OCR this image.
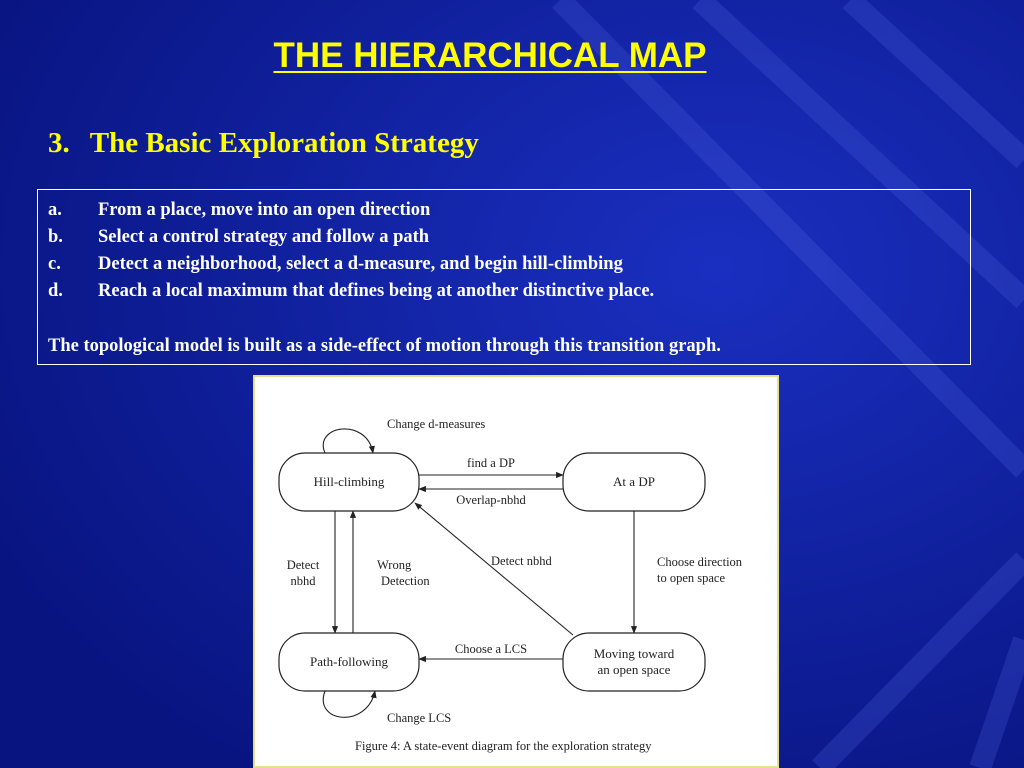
THE HIERARCHICAL MAP
3. The Basic Exploration Strategy
a.	From a place, move into an open direction
b.	Select a control strategy and follow a path
c.	Detect a neighborhood, select a d-measure, and begin hill-climbing
d.	Reach a local maximum that defines being at another distinctive place.
The topological model is built as a side-effect of motion through this transition graph.
Hill-climbing	At a DP
Path-following
Moving toward
an open space
Change d-measures
Change LCS
find a DP
Overlap-nbhd
Detect
nbhd
Wrong
Detection
Detect nbhd	Choose direction
to open space
Choose a LCS
Figure 4: A state-event diagram for the exploration strategy
